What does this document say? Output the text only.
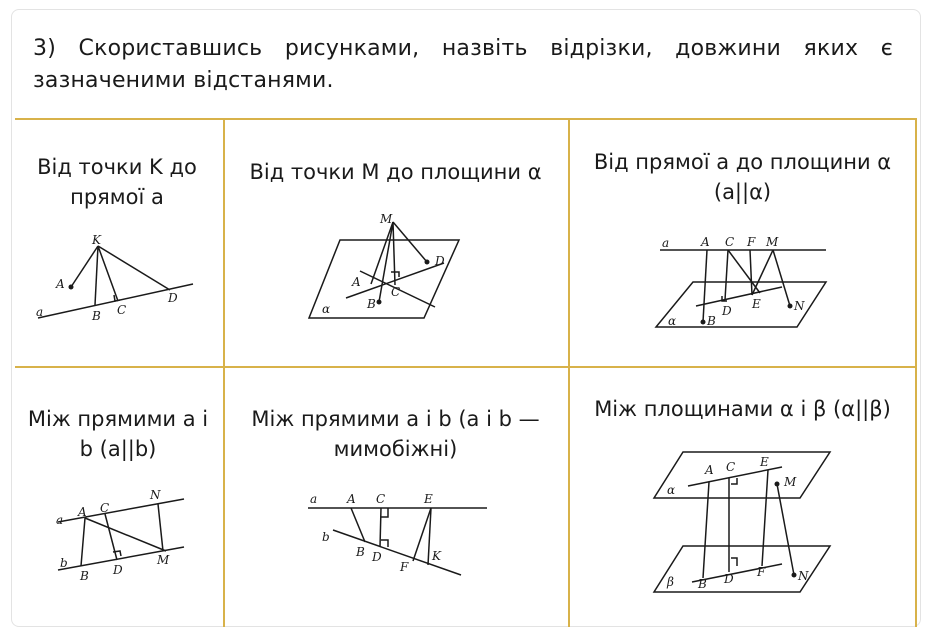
3) Скориставшись рисунками, назвіть відрізки, довжини яких є зазначеними відстанями.
Від точки K до прямої a
K
A
a	B C
D
Від точки M до площини α
M
D
A
C
B
α
Від прямої a до площини α (a||α)
a	A C F M
D E	N
α	B
Між прямими a і b (a||b)
N
a
A C
b
B D
M
Між прямими a і b (a і b — мимобіжні)
a A C	E
b
B D
F
K
Між площинами α і β (α||β)
A C E
α
M
β B D F	N
